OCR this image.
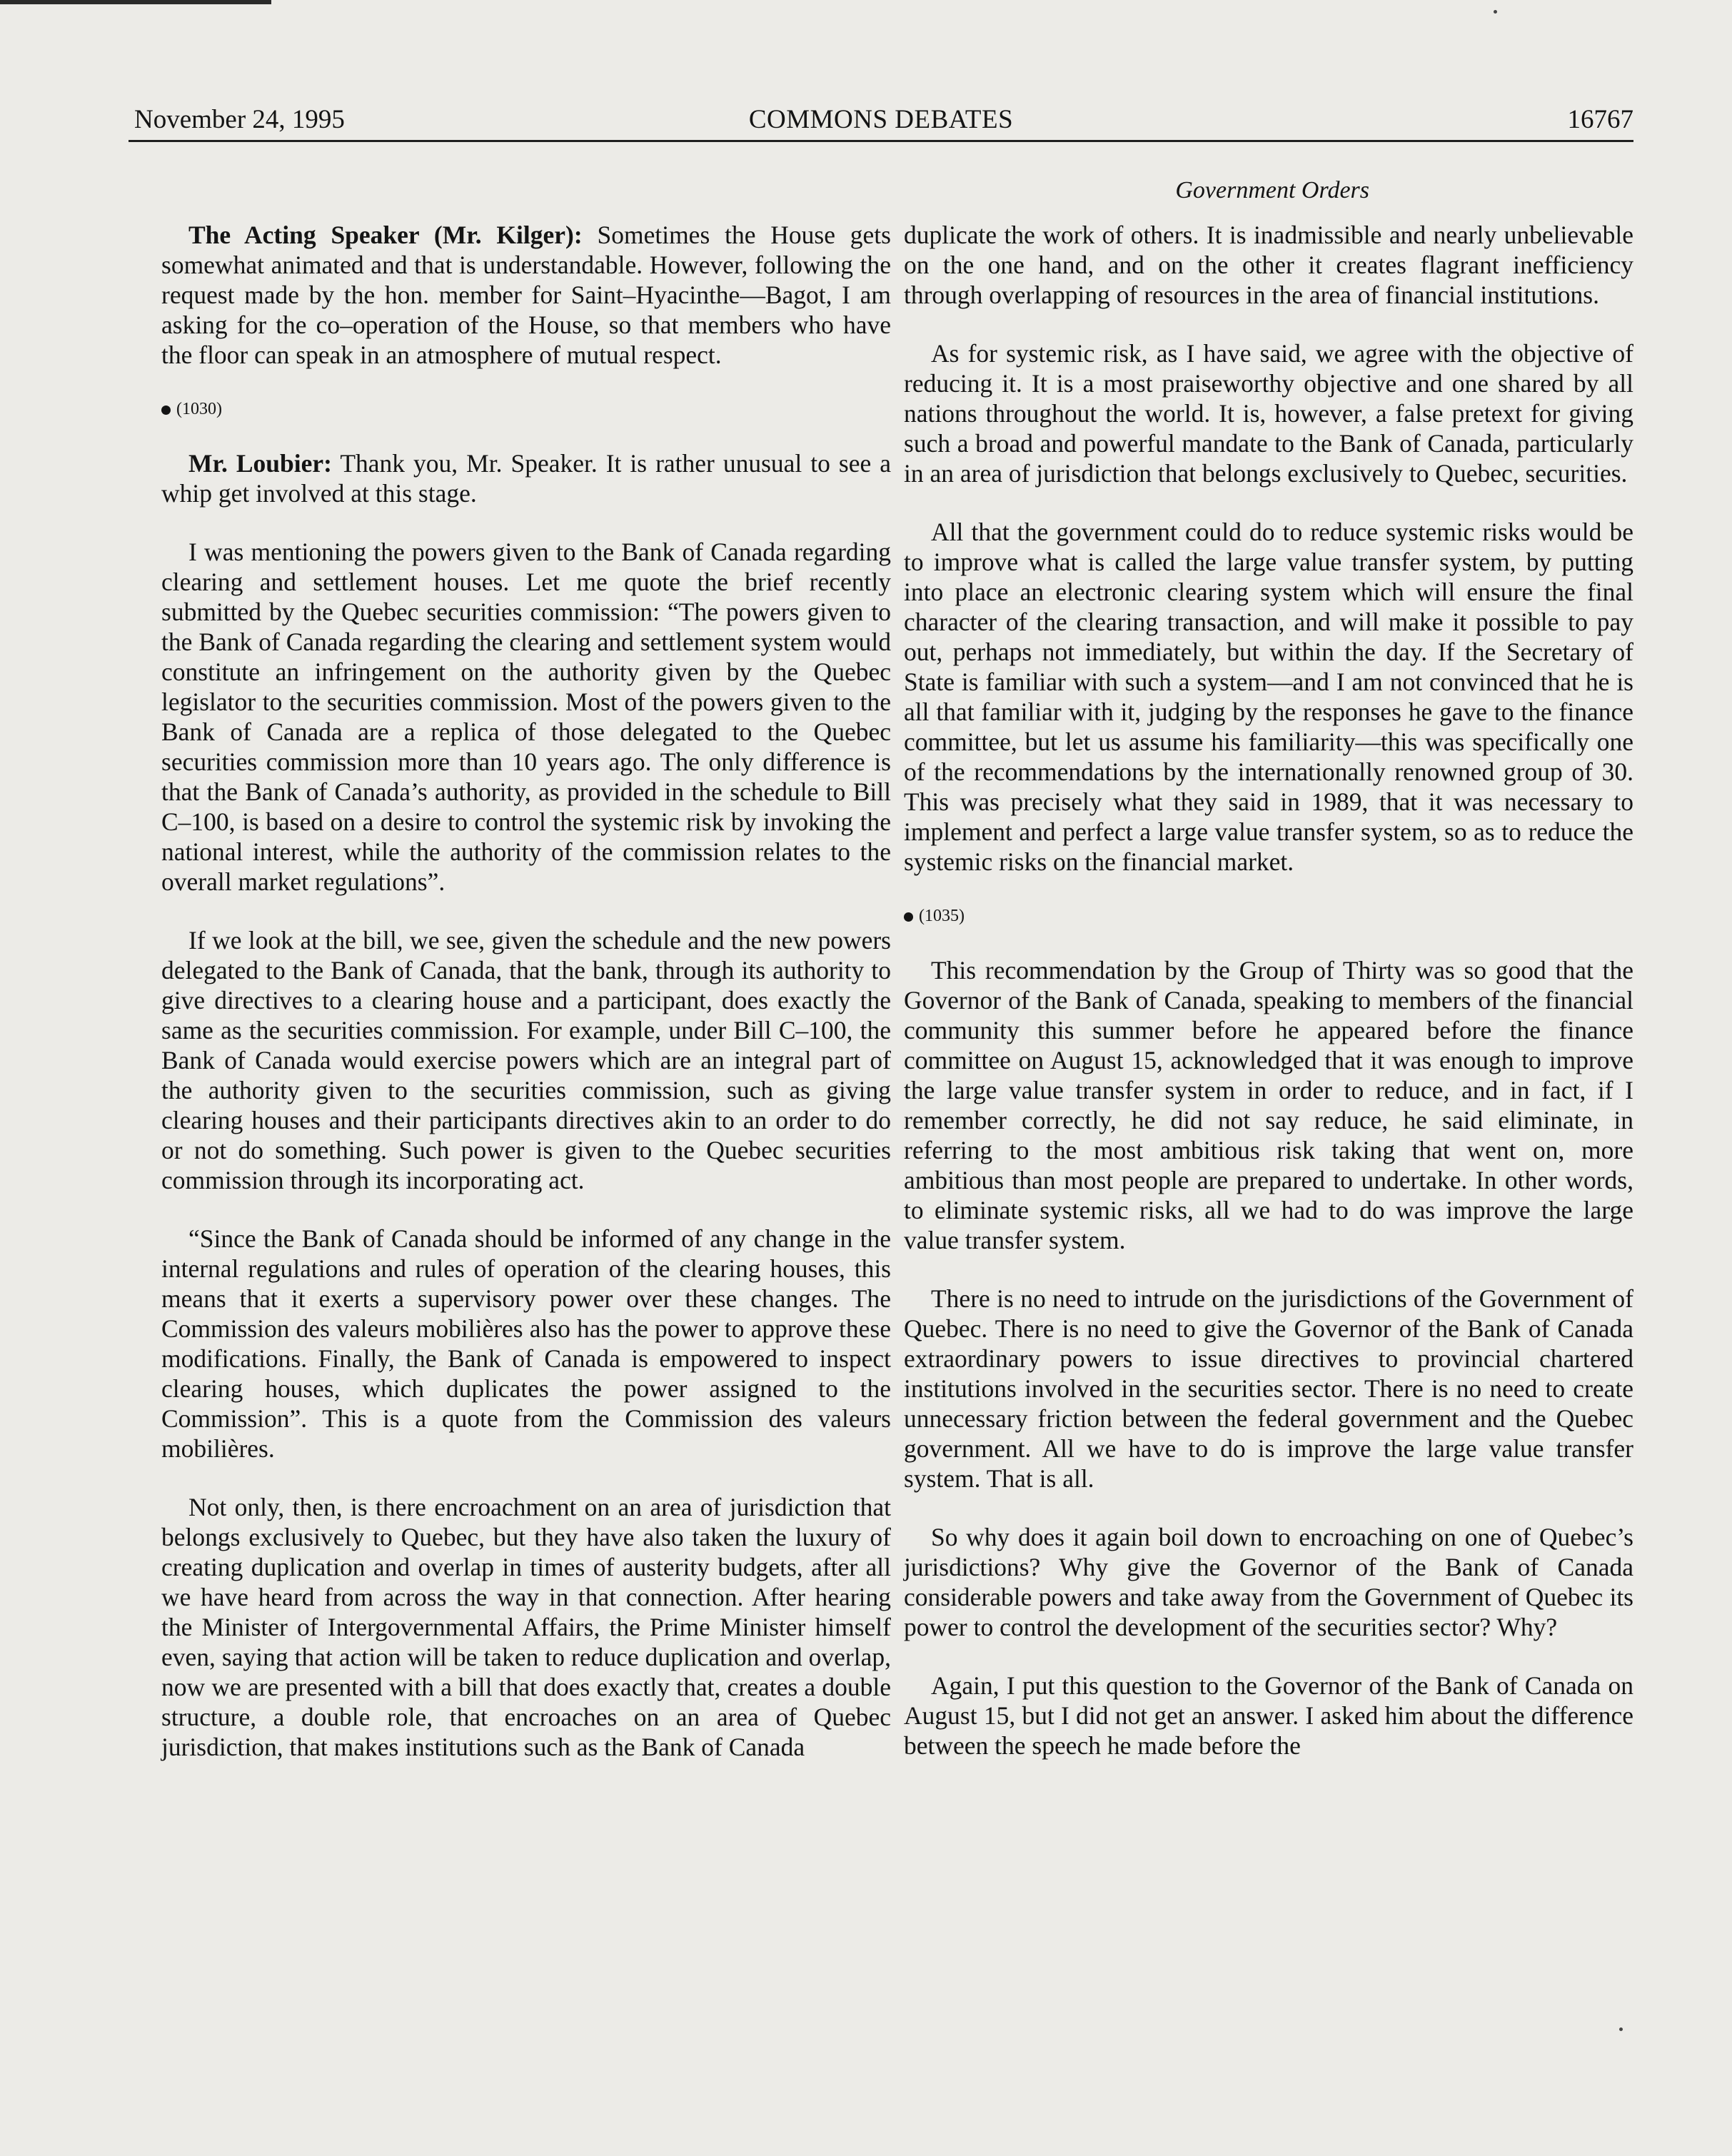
November 24, 1995	COMMONS DEBATES	16767
Government Orders

The Acting Speaker (Mr. Kilger): Sometimes the House gets somewhat animated and that is understandable. However, following the request made by the hon. member for Saint–Hyacinthe—Bagot, I am asking for the co–operation of the House, so that members who have the floor can speak in an atmosphere of mutual respect.

(1030)

Mr. Loubier: Thank you, Mr. Speaker. It is rather unusual to see a whip get involved at this stage.

I was mentioning the powers given to the Bank of Canada regarding clearing and settlement houses. Let me quote the brief recently submitted by the Quebec securities commission: “The powers given to the Bank of Canada regarding the clearing and settlement system would constitute an infringement on the authority given by the Quebec legislator to the securities commission. Most of the powers given to the Bank of Canada are a replica of those delegated to the Quebec securities commission more than 10 years ago. The only difference is that the Bank of Canada’s authority, as provided in the schedule to Bill C–100, is based on a desire to control the systemic risk by invoking the national interest, while the authority of the commission relates to the overall market regulations”.

If we look at the bill, we see, given the schedule and the new powers delegated to the Bank of Canada, that the bank, through its authority to give directives to a clearing house and a participant, does exactly the same as the securities commission. For example, under Bill C–100, the Bank of Canada would exercise powers which are an integral part of the authority given to the securities commission, such as giving clearing houses and their participants directives akin to an order to do or not do something. Such power is given to the Quebec securities commission through its incorporating act.

“Since the Bank of Canada should be informed of any change in the internal regulations and rules of operation of the clearing houses, this means that it exerts a supervisory power over these changes. The Commission des valeurs mobilières also has the power to approve these modifications. Finally, the Bank of Canada is empowered to inspect clearing houses, which duplicates the power assigned to the Commission”. This is a quote from the Commission des valeurs mobilières.

Not only, then, is there encroachment on an area of jurisdiction that belongs exclusively to Quebec, but they have also taken the luxury of creating duplication and overlap in times of austerity budgets, after all we have heard from across the way in that connection. After hearing the Minister of Intergovernmental Affairs, the Prime Minister himself even, saying that action will be taken to reduce duplication and overlap, now we are presented with a bill that does exactly that, creates a double structure, a double role, that encroaches on an area of Quebec jurisdiction, that makes institutions such as the Bank of Canada

duplicate the work of others. It is inadmissible and nearly unbelievable on the one hand, and on the other it creates flagrant inefficiency through overlapping of resources in the area of financial institutions.

As for systemic risk, as I have said, we agree with the objective of reducing it. It is a most praiseworthy objective and one shared by all nations throughout the world. It is, however, a false pretext for giving such a broad and powerful mandate to the Bank of Canada, particularly in an area of jurisdiction that belongs exclusively to Quebec, securities.

All that the government could do to reduce systemic risks would be to improve what is called the large value transfer system, by putting into place an electronic clearing system which will ensure the final character of the clearing transaction, and will make it possible to pay out, perhaps not immediately, but within the day. If the Secretary of State is familiar with such a system—and I am not convinced that he is all that familiar with it, judging by the responses he gave to the finance committee, but let us assume his familiarity—this was specifically one of the recommendations by the internationally renowned group of 30. This was precisely what they said in 1989, that it was necessary to implement and perfect a large value transfer system, so as to reduce the systemic risks on the financial market.

(1035)

This recommendation by the Group of Thirty was so good that the Governor of the Bank of Canada, speaking to members of the financial community this summer before he appeared before the finance committee on August 15, acknowledged that it was enough to improve the large value transfer system in order to reduce, and in fact, if I remember correctly, he did not say reduce, he said eliminate, in referring to the most ambitious risk taking that went on, more ambitious than most people are prepared to undertake. In other words, to eliminate systemic risks, all we had to do was improve the large value transfer system.

There is no need to intrude on the jurisdictions of the Government of Quebec. There is no need to give the Governor of the Bank of Canada extraordinary powers to issue directives to provincial chartered institutions involved in the securities sector. There is no need to create unnecessary friction between the federal government and the Quebec government. All we have to do is improve the large value transfer system. That is all.

So why does it again boil down to encroaching on one of Quebec’s jurisdictions? Why give the Governor of the Bank of Canada considerable powers and take away from the Government of Quebec its power to control the development of the securities sector? Why?

Again, I put this question to the Governor of the Bank of Canada on August 15, but I did not get an answer. I asked him about the difference between the speech he made before the
